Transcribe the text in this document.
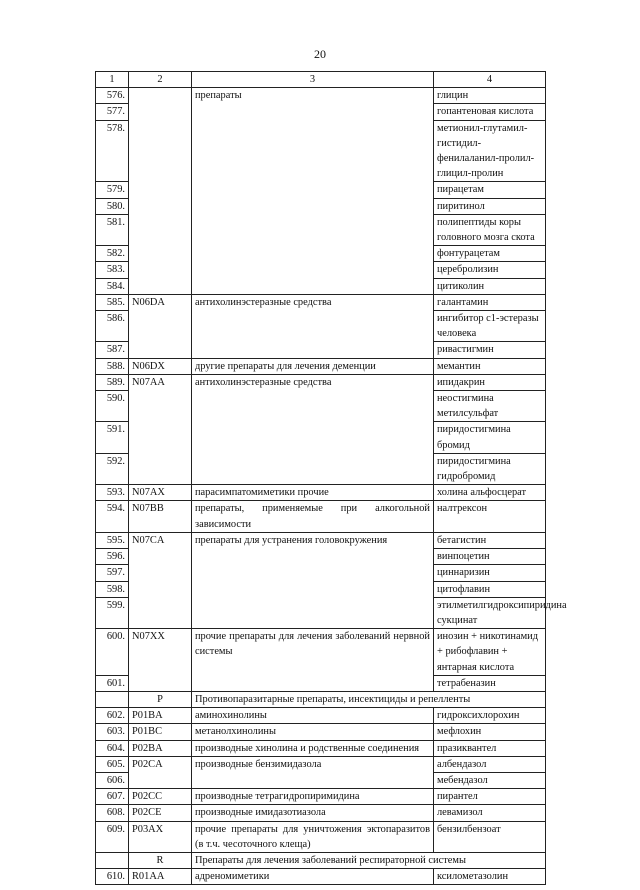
20
1	2	3	4
576.		препараты	глицин
577.			гопантеновая кислота
578.			метионил-глутамил-гистидил-фенилаланил-пролил-глицил-пролин
579.			пирацетам
580.			пиритинол
581.			полипептиды коры головного мозга скота
582.			фонтурацетам
583.			церебролизин
584.			цитиколин
585.	N06DA	антихолинэстеразные средства	галантамин
586.			ингибитор с1-эстеразы человека
587.			ривастигмин
588.	N06DX	другие препараты для лечения деменции	мемантин
589.	N07AA	антихолинэстеразные средства	ипидакрин
590.			неостигмина метилсульфат
591.			пиридостигмина бромид
592.			пиридостигмина гидробромид
593.	N07AX	парасимпатомиметики прочие	холина альфосцерат
594.	N07BB	препараты, применяемые при алкогольной зависимости	налтрексон
595.	N07CA	препараты для устранения головокружения	бетагистин
596.			винпоцетин
597.			циннаризин
598.			цитофлавин
599.			этилметилгидроксипиридина сукцинат
600.	N07XX	прочие препараты для лечения заболеваний нервной системы	инозин + никотинамид + рибофлавин + янтарная кислота
601.			тетрабеназин
	P	Противопаразитарные препараты, инсектициды и репелленты	
602.	P01BA	аминохинолины	гидроксихлорохин
603.	P01BC	метанолхинолины	мефлохин
604.	P02BA	производные хинолина и родственные соединения	празиквантел
605.	P02CA	производные бензимидазола	албендазол
606.			мебендазол
607.	P02CC	производные тетрагидропиримидина	пирантел
608.	P02CE	производные имидазотиазола	левамизол
609.	P03AX	прочие препараты для уничтожения эктопаразитов (в т.ч. чесоточного клеща)	бензилбензоат
	R	Препараты для лечения заболеваний респираторной системы	
610.	R01AA	адреномиметики	ксилометазолин
